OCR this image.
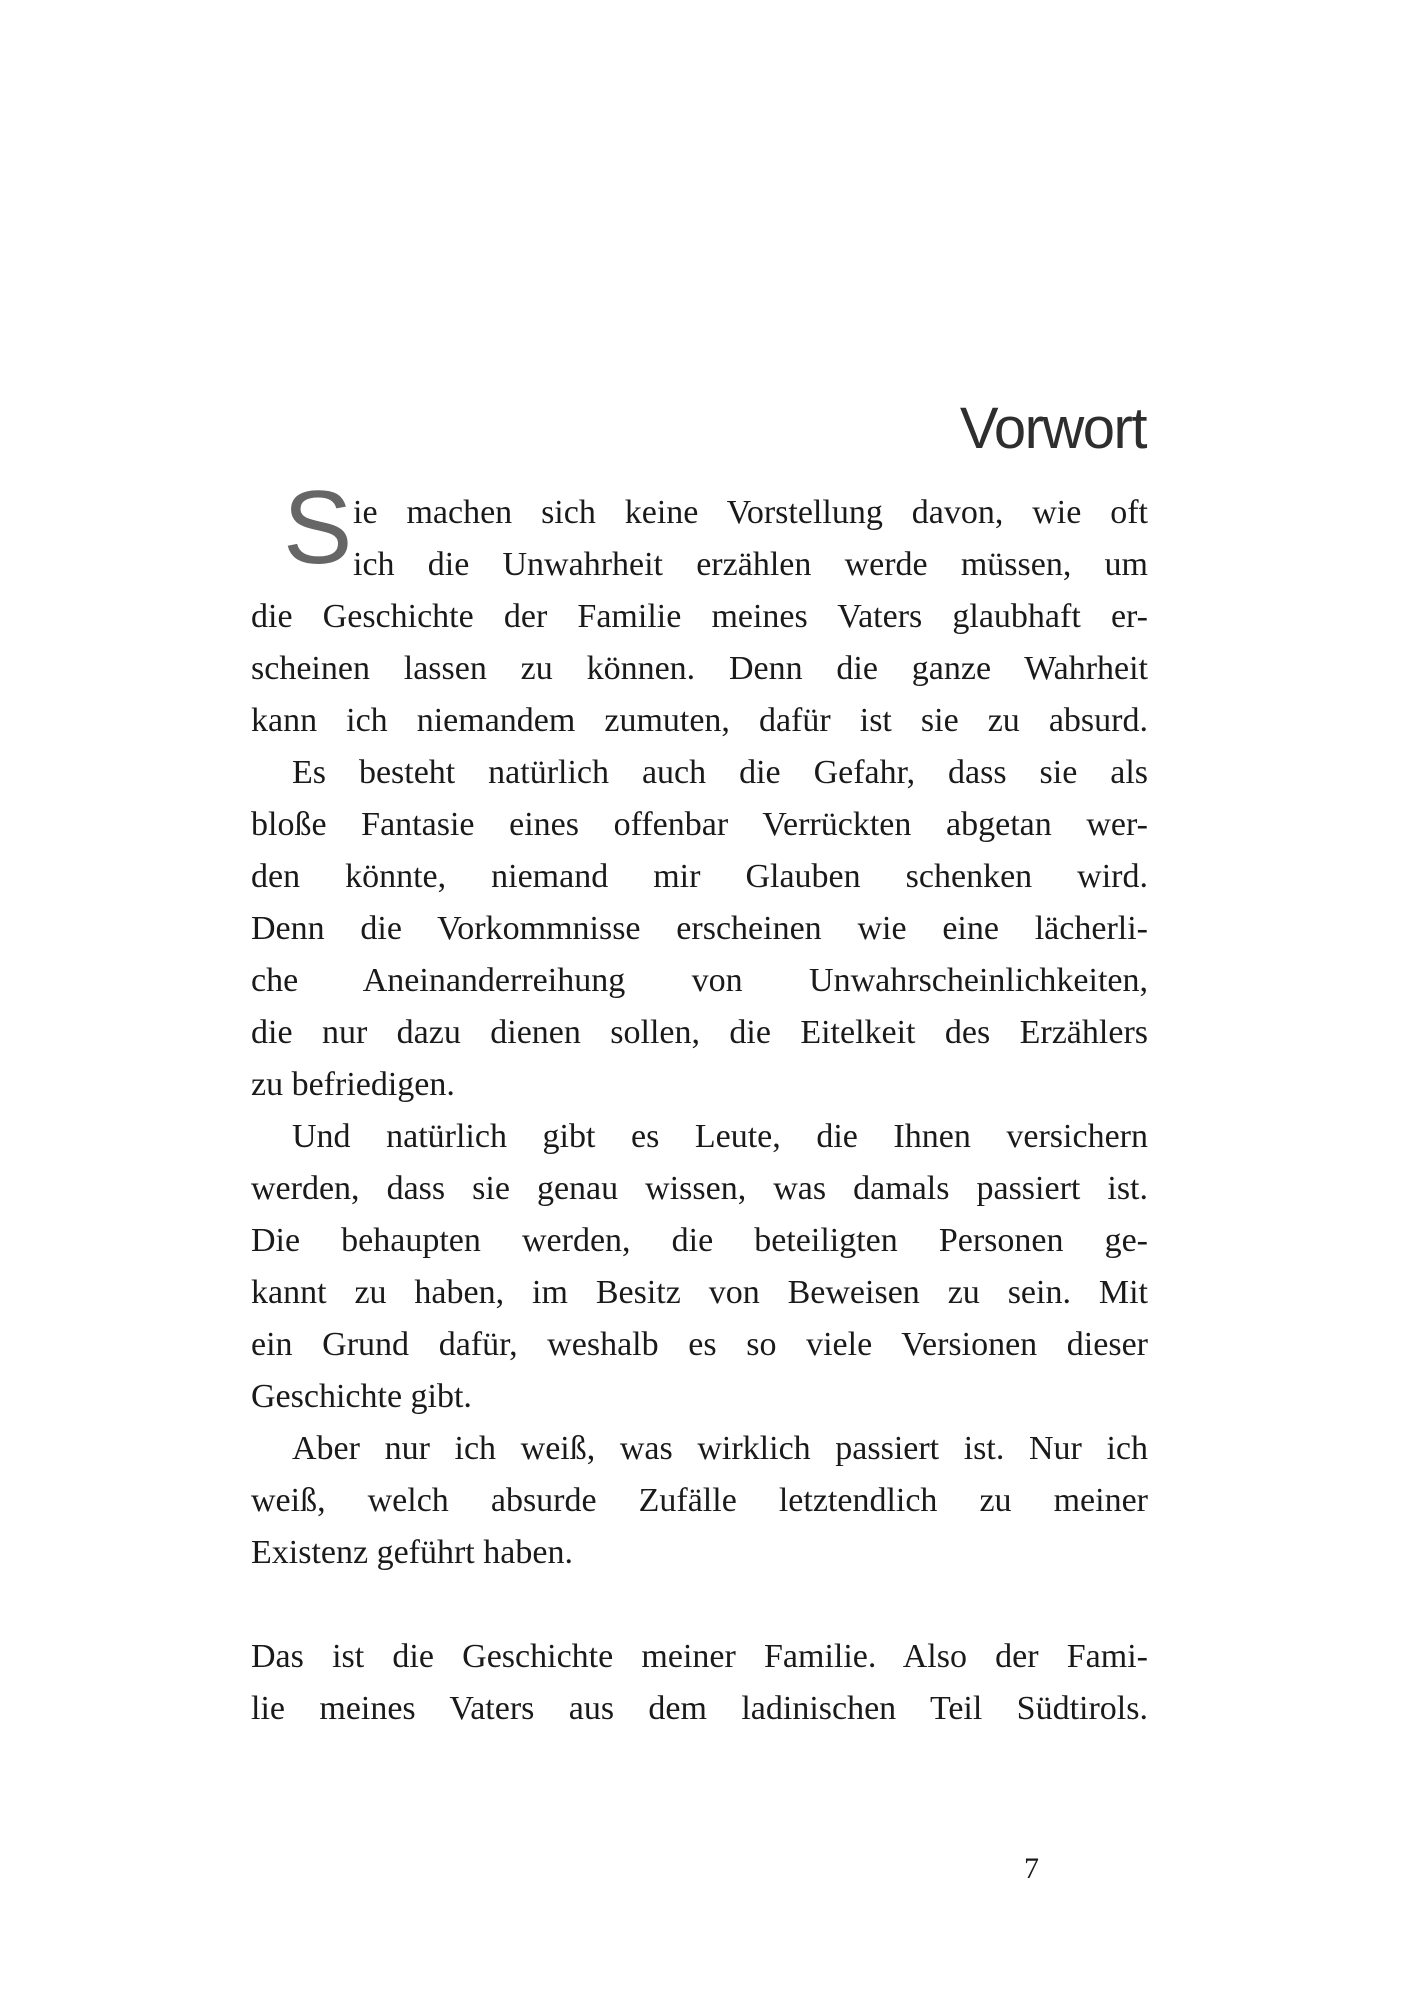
Vorwort
S ie machen sich keine Vorstellung davon, wie oft
ich die Unwahrheit erzählen werde müssen, um
die Geschichte der Familie meines Vaters glaubhaft er-
scheinen lassen zu können. Denn die ganze Wahrheit
kann ich niemandem zumuten, dafür ist sie zu absurd.
Es besteht natürlich auch die Gefahr, dass sie als
bloße Fantasie eines offenbar Verrückten abgetan wer-
den könnte, niemand mir Glauben schenken wird.
Denn die Vorkommnisse erscheinen wie eine lächerli-
che Aneinanderreihung von Unwahrscheinlichkeiten,
die nur dazu dienen sollen, die Eitelkeit des Erzählers
zu befriedigen.
Und natürlich gibt es Leute, die Ihnen versichern
werden, dass sie genau wissen, was damals passiert ist.
Die behaupten werden, die beteiligten Personen ge-
kannt zu haben, im Besitz von Beweisen zu sein. Mit
ein Grund dafür, weshalb es so viele Versionen dieser
Geschichte gibt.
Aber nur ich weiß, was wirklich passiert ist. Nur ich
weiß, welch absurde Zufälle letztendlich zu meiner
Existenz geführt haben.
Das ist die Geschichte meiner Familie. Also der Fami-
lie meines Vaters aus dem ladinischen Teil Südtirols.
7
